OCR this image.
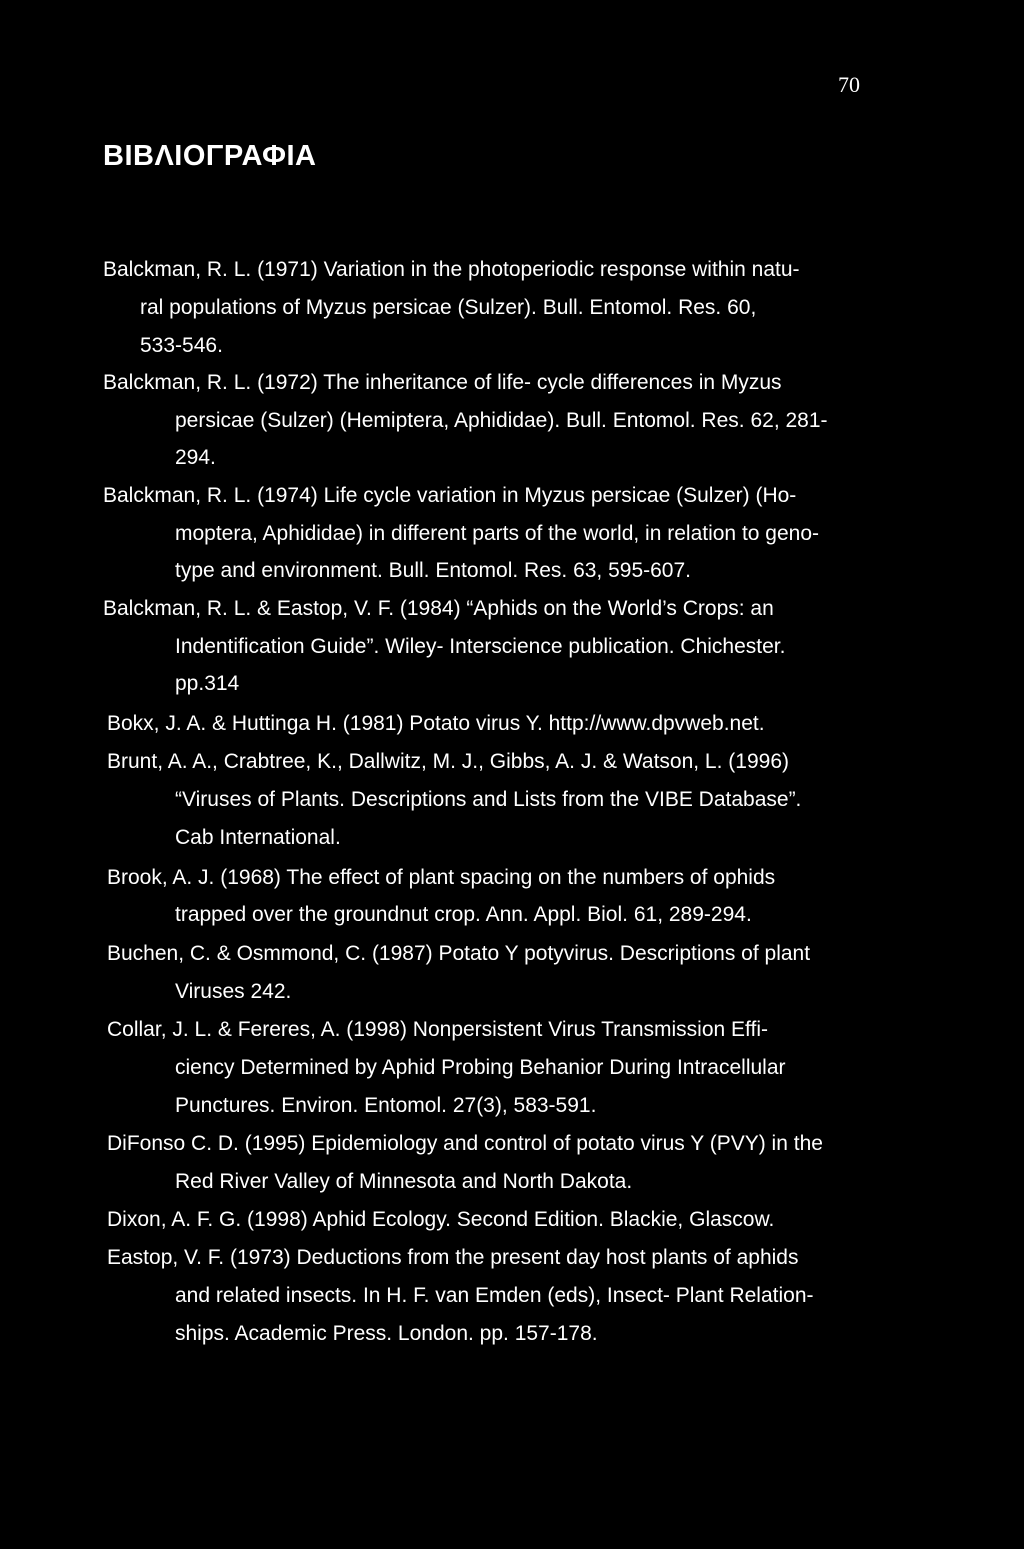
70
ΒΙΒΛΙΟΓΡΑΦΙΑ
Balckman, R. L. (1971) Variation in the photoperiodic response within natu-
ral populations of Myzus persicae (Sulzer). Bull. Entomol. Res. 60,
533-546.
Balckman, R. L. (1972) The inheritance of life- cycle differences in Myzus
persicae (Sulzer) (Hemiptera, Aphididae). Bull. Entomol. Res. 62, 281-
294.
Balckman, R. L. (1974) Life cycle variation in Myzus persicae (Sulzer) (Ho-
moptera, Aphididae) in different parts of the world, in relation to geno-
type and environment. Bull. Entomol. Res. 63, 595-607.
Balckman, R. L. & Eastop, V. F. (1984) “Aphids on the World’s Crops: an
Indentification Guide”. Wiley- Interscience publication. Chichester.
pp.314
Bokx, J. A. & Huttinga H. (1981) Potato virus Y. http://www.dpvweb.net.
Brunt, A. A., Crabtree, K., Dallwitz, M. J., Gibbs, A. J. & Watson, L. (1996)
“Viruses of Plants. Descriptions and Lists from the VIBE Database”.
Cab International.
Brook, A. J. (1968) The effect of plant spacing on the numbers of ophids
trapped over the groundnut crop. Ann. Appl. Biol. 61, 289-294.
Buchen, C. & Osmmond, C. (1987) Potato Y potyvirus. Descriptions of plant
Viruses 242.
Collar, J. L. & Fereres, A. (1998) Nonpersistent Virus Transmission Effi-
ciency Determined by Aphid Probing Behanior During Intracellular
Punctures. Environ. Entomol. 27(3), 583-591.
DiFonso C. D. (1995) Epidemiology and control of potato virus Y (PVY) in the
Red River Valley of Minnesota and North Dakota.
Dixon, A. F. G. (1998) Aphid Ecology. Second Edition. Blackie, Glascow.
Eastop, V. F. (1973) Deductions from the present day host plants of aphids
and related insects. In H. F. van Emden (eds), Insect- Plant Relation-
ships. Academic Press. London. pp. 157-178.
